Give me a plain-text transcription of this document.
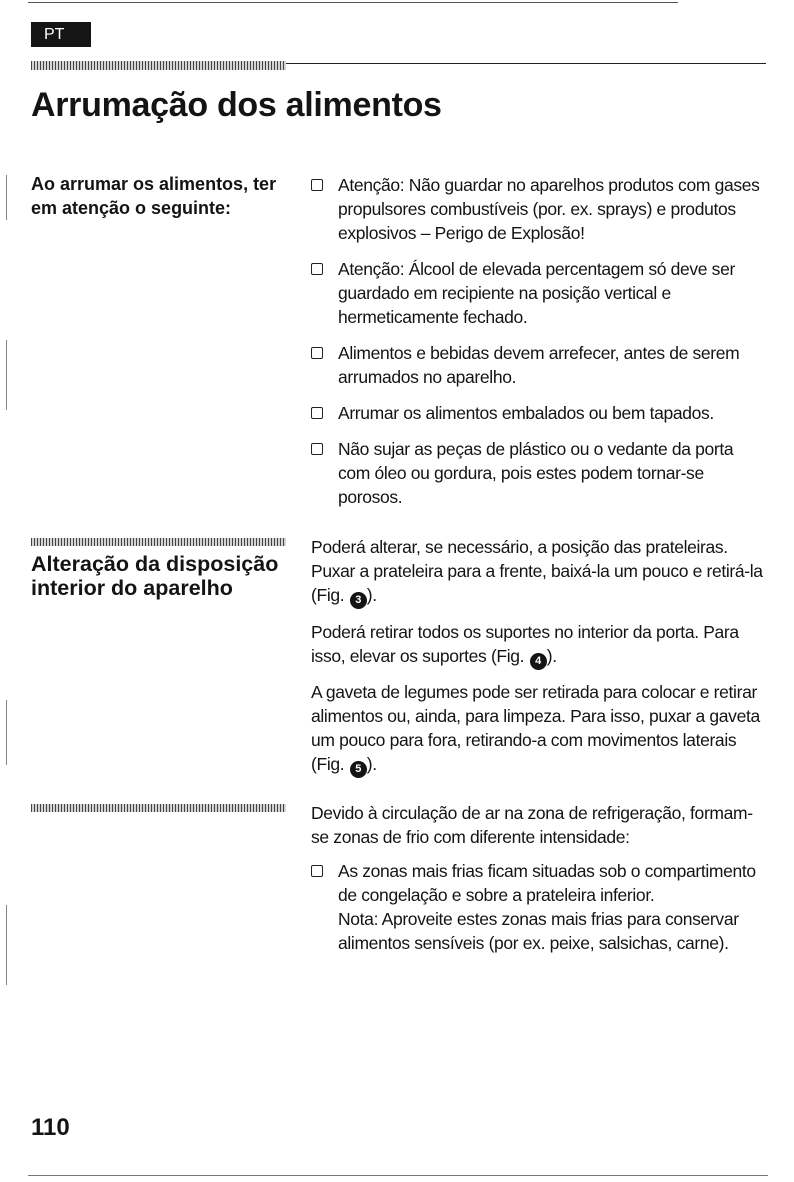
PT
Arrumação dos alimentos
Ao arrumar os alimentos, ter em atenção o seguinte:
Atenção: Não guardar no aparelhos produtos com gases propulsores combustíveis (por. ex. sprays) e produtos explosivos – Perigo de Explosão!
Atenção: Álcool de elevada percentagem só deve ser guardado em recipiente na posição vertical e hermeticamente fechado.
Alimentos e bebidas devem arrefecer, antes de serem arrumados no aparelho.
Arrumar os alimentos embalados ou bem tapados.
Não sujar as peças de plástico ou o vedante da porta com óleo ou gordura, pois estes podem tornar-se porosos.
Alteração da disposição interior do aparelho

Poderá alterar, se necessário, a posição das prateleiras. Puxar a prateleira para a frente, baixá-la um pouco e retirá-la (Fig. 3 ).

Poderá retirar todos os suportes no interior da porta. Para isso, elevar os suportes (Fig. 4 ).

A gaveta de legumes pode ser retirada para colocar e retirar alimentos ou, ainda, para limpeza. Para isso, puxar a gaveta um pouco para fora, retirando-a com movimentos laterais (Fig. 5 ).

Devido à circulação de ar na zona de refrigeração, formam-se zonas de frio com diferente intensidade:

As zonas mais frias ficam situadas sob o compartimento de congelação e sobre a prateleira inferior.
Nota: Aproveite estes zonas mais frias para conservar alimentos sensíveis (por ex. peixe, salsichas, carne).
110
